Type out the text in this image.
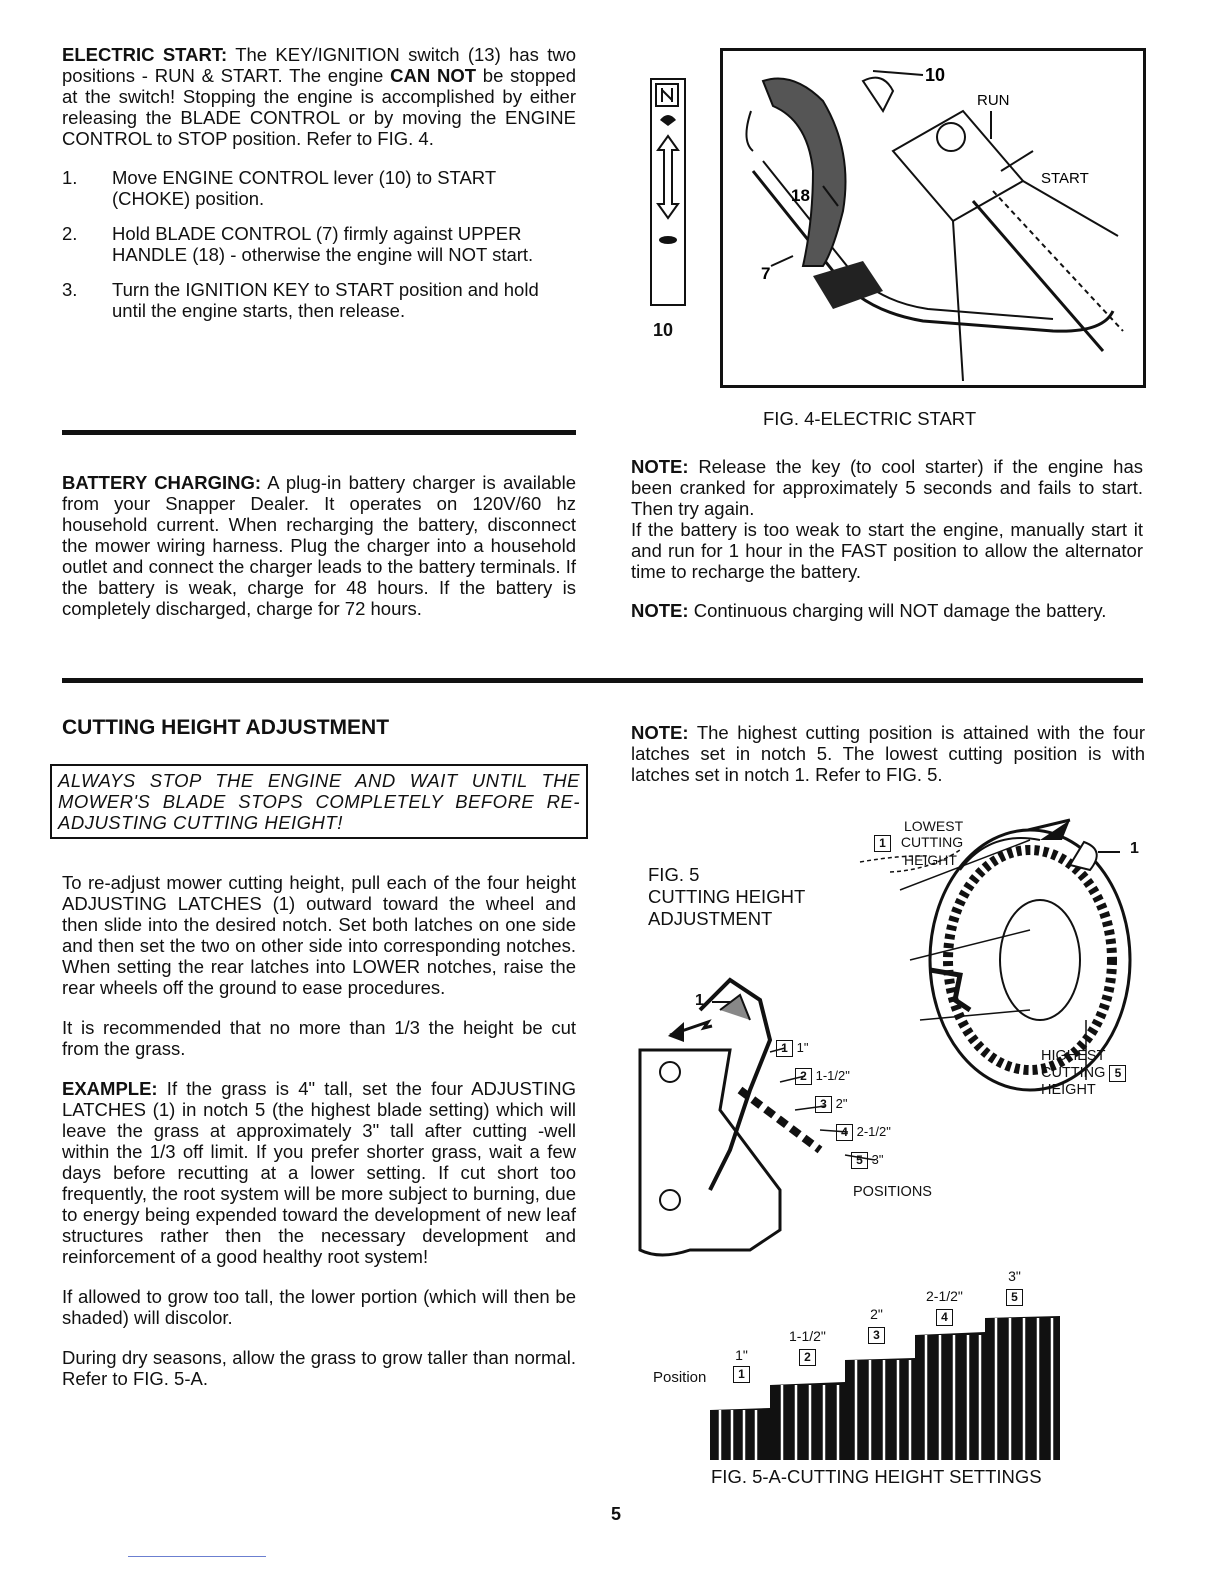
ELECTRIC START: The KEY/IGNITION switch (13) has two positions - RUN & START. The engine CAN NOT be stopped at the switch! Stopping the engine is accomplished by either releasing the BLADE CONTROL or by moving the ENGINE CONTROL to STOP position. Refer to FIG. 4.

1. Move ENGINE CONTROL lever (10) to START (CHOKE) position.
2. Hold BLADE CONTROL (7) firmly against UPPER HANDLE (18) - otherwise the engine will NOT start.
3. Turn the IGNITION KEY to START position and hold until the engine starts, then release.
10
10
RUN
START
18
7
FIG. 4-ELECTRIC START
BATTERY CHARGING: A plug-in battery charger is available from your Snapper Dealer. It operates on 120V/60 hz household current. When recharging the battery, disconnect the mower wiring harness. Plug the charger into a household outlet and connect the charger leads to the battery terminals. If the battery is weak, charge for 48 hours. If the battery is completely discharged, charge for 72 hours.

NOTE: Release the key (to cool starter) if the engine has been cranked for approximately 5 seconds and fails to start. Then try again.

If the battery is too weak to start the engine, manually start it and run for 1 hour in the FAST position to allow the alternator time to recharge the battery.

NOTE: Continuous charging will NOT damage the battery.

CUTTING HEIGHT ADJUSTMENT
ALWAYS STOP THE ENGINE AND WAIT UNTIL THE MOWER'S BLADE STOPS COMPLETELY BEFORE RE-ADJUSTING CUTTING HEIGHT!

To re-adjust mower cutting height, pull each of the four height ADJUSTING LATCHES (1) outward toward the wheel and then slide into the desired notch. Set both latches on one side and then set the two on other side into corresponding notches. When setting the rear latches into LOWER notches, raise the rear wheels off the ground to ease procedures.

It is recommended that no more than 1/3 the height be cut from the grass.

EXAMPLE: If the grass is 4" tall, set the four ADJUSTING LATCHES (1) in notch 5 (the highest blade setting) which will leave the grass at approximately 3" tall after cutting -well within the 1/3 off limit. If you prefer shorter grass, wait a few days before recutting at a lower setting. If cut short too frequently, the root system will be more subject to burning, due to energy being expended toward the development of new leaf structures rather then the necessary development and reinforcement of a good healthy root system!

If allowed to grow too tall, the lower portion (which will then be shaded) will discolor.

During dry seasons, allow the grass to grow taller than normal. Refer to FIG. 5-A.

NOTE: The highest cutting position is attained with the four latches set in notch 5. The lowest cutting position is with latches set in notch 1. Refer to FIG. 5.
FIG. 5
CUTTING HEIGHT
ADJUSTMENT
LOWEST
1 CUTTING
HEIGHT
1
HIGHEST
CUTTING 5
HEIGHT
1
1 1"
2 1-1/2"
3 2"
4 2-1/2"
5 3"
POSITIONS
Position
1"
1
1-1/2"
2
2"
3
2-1/2"
4
3"
5
FIG. 5-A-CUTTING HEIGHT SETTINGS
5
